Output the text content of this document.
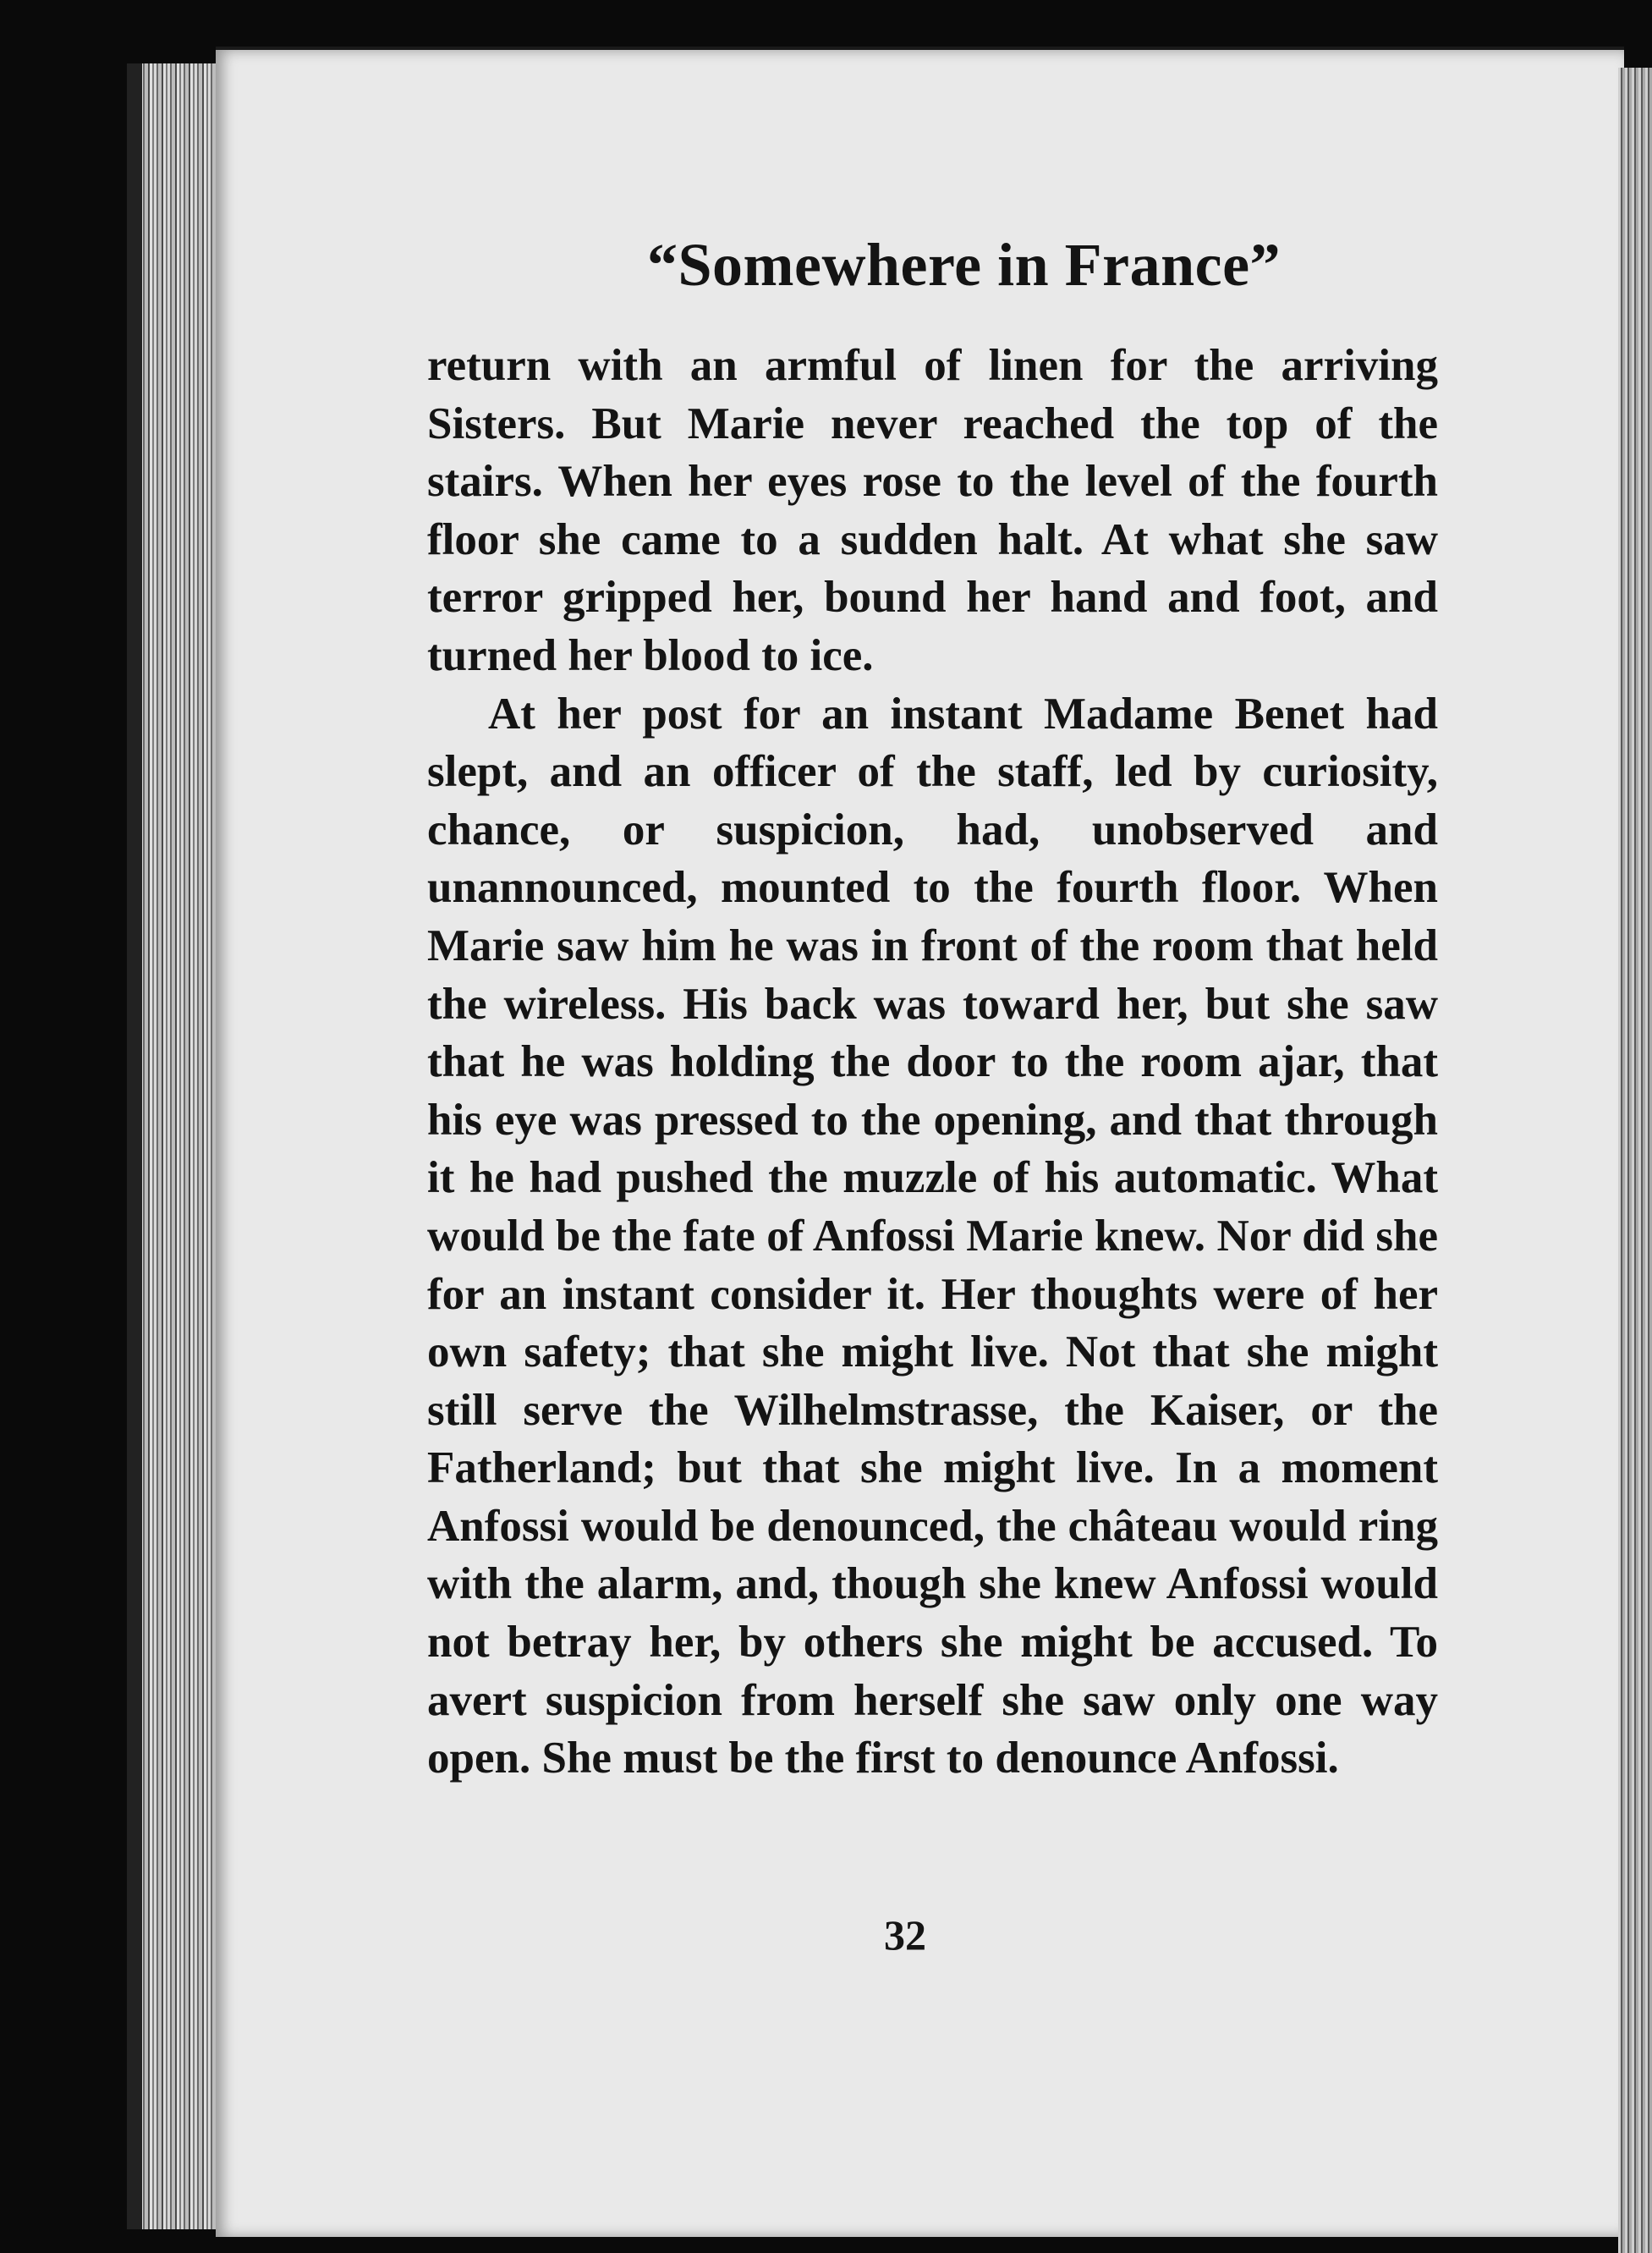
“Somewhere in France”

return with an armful of linen for the arriving Sisters. But Marie never reached the top of the stairs. When her eyes rose to the level of the fourth floor she came to a sudden halt. At what she saw terror gripped her, bound her hand and foot, and turned her blood to ice.

At her post for an instant Madame Benet had slept, and an officer of the staff, led by curiosity, chance, or suspicion, had, unobserved and unannounced, mounted to the fourth floor. When Marie saw him he was in front of the room that held the wireless. His back was toward her, but she saw that he was holding the door to the room ajar, that his eye was pressed to the opening, and that through it he had pushed the muzzle of his automatic. What would be the fate of Anfossi Marie knew. Nor did she for an instant consider it. Her thoughts were of her own safety; that she might live. Not that she might still serve the Wilhelmstrasse, the Kaiser, or the Fatherland; but that she might live. In a moment Anfossi would be denounced, the château would ring with the alarm, and, though she knew Anfossi would not betray her, by others she might be accused. To avert suspicion from herself she saw only one way open. She must be the first to denounce Anfossi.

32
